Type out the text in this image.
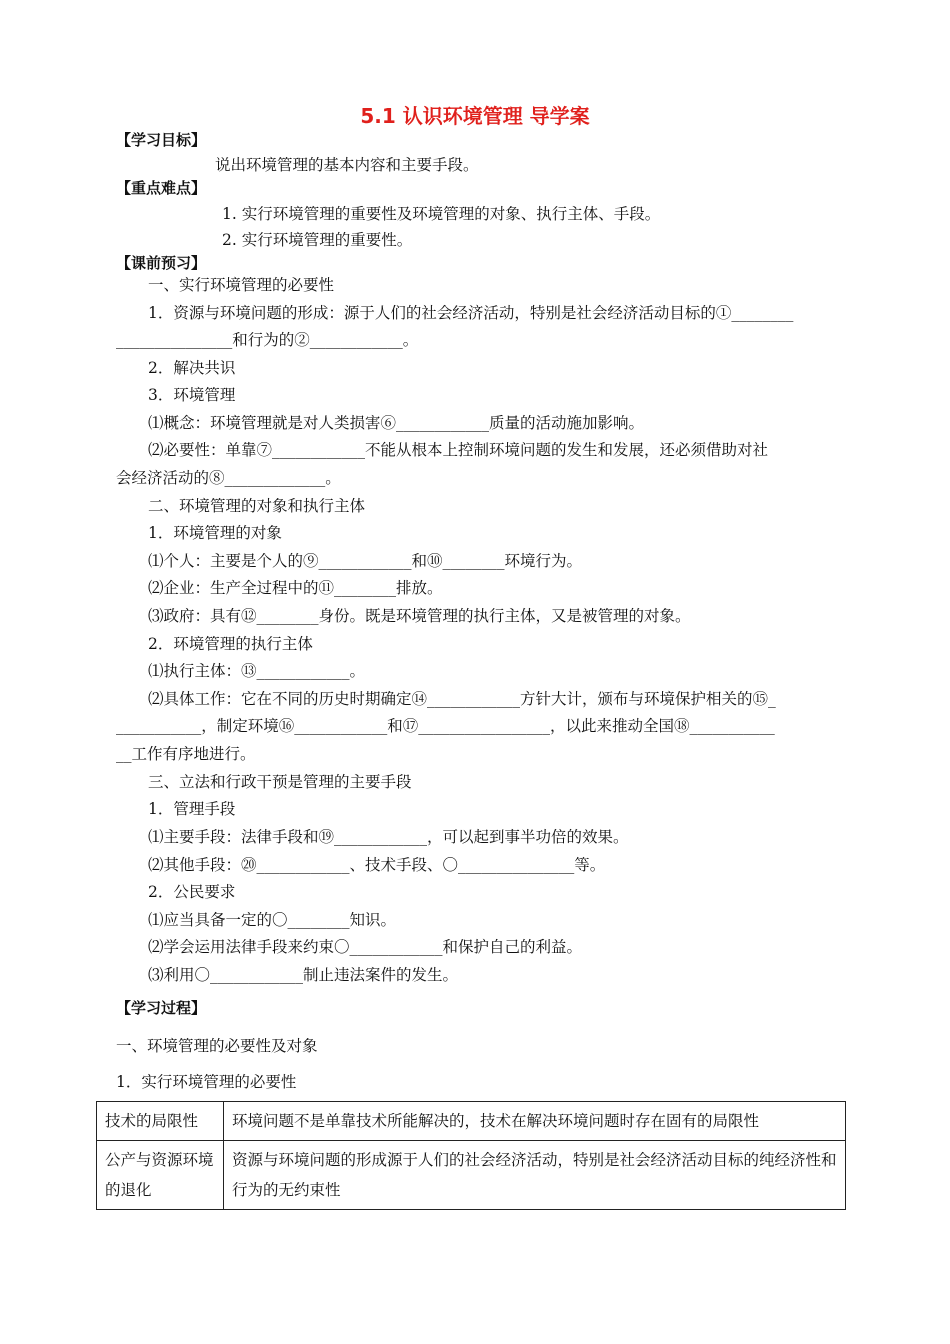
5.1 认识环境管理 导学案
【学习目标】
说出环境管理的基本内容和主要手段。
【重点难点】
1. 实行环境管理的重要性及环境管理的对象、执行主体、手段。
2. 实行环境管理的重要性。
【课前预习】
一、实行环境管理的必要性
1．资源与环境问题的形成：源于人们的社会经济活动，特别是社会经济活动目标的①________
_______________和行为的②____________。
2．解决共识
3．环境管理
⑴概念：环境管理就是对人类损害⑥____________质量的活动施加影响。
⑵必要性：单靠⑦____________不能从根本上控制环境问题的发生和发展，还必须借助对社
会经济活动的⑧_____________。
二、环境管理的对象和执行主体
1．环境管理的对象
⑴个人：主要是个人的⑨____________和⑩________环境行为。
⑵企业：生产全过程中的⑪________排放。
⑶政府：具有⑫________身份。既是环境管理的执行主体，又是被管理的对象。
2．环境管理的执行主体
⑴执行主体：⑬____________。
⑵具体工作：它在不同的历史时期确定⑭____________方针大计，颁布与环境保护相关的⑮_
___________，制定环境⑯____________和⑰_________________，以此来推动全国⑱___________
__工作有序地进行。
三、立法和行政干预是管理的主要手段
1．管理手段
⑴主要手段：法律手段和⑲____________，可以起到事半功倍的效果。
⑵其他手段：⑳____________、技术手段、〇_______________等。
2．公民要求
⑴应当具备一定的〇________知识。
⑵学会运用法律手段来约束〇____________和保护自己的利益。
⑶利用〇____________制止违法案件的发生。
【学习过程】
一、环境管理的必要性及对象
1．实行环境管理的必要性
技术的局限性	环境问题不是单靠技术所能解决的，技术在解决环境问题时存在固有的局限性
公产与资源环境的退化	资源与环境问题的形成源于人们的社会经济活动，特别是社会经济活动目标的纯经济性和行为的无约束性
